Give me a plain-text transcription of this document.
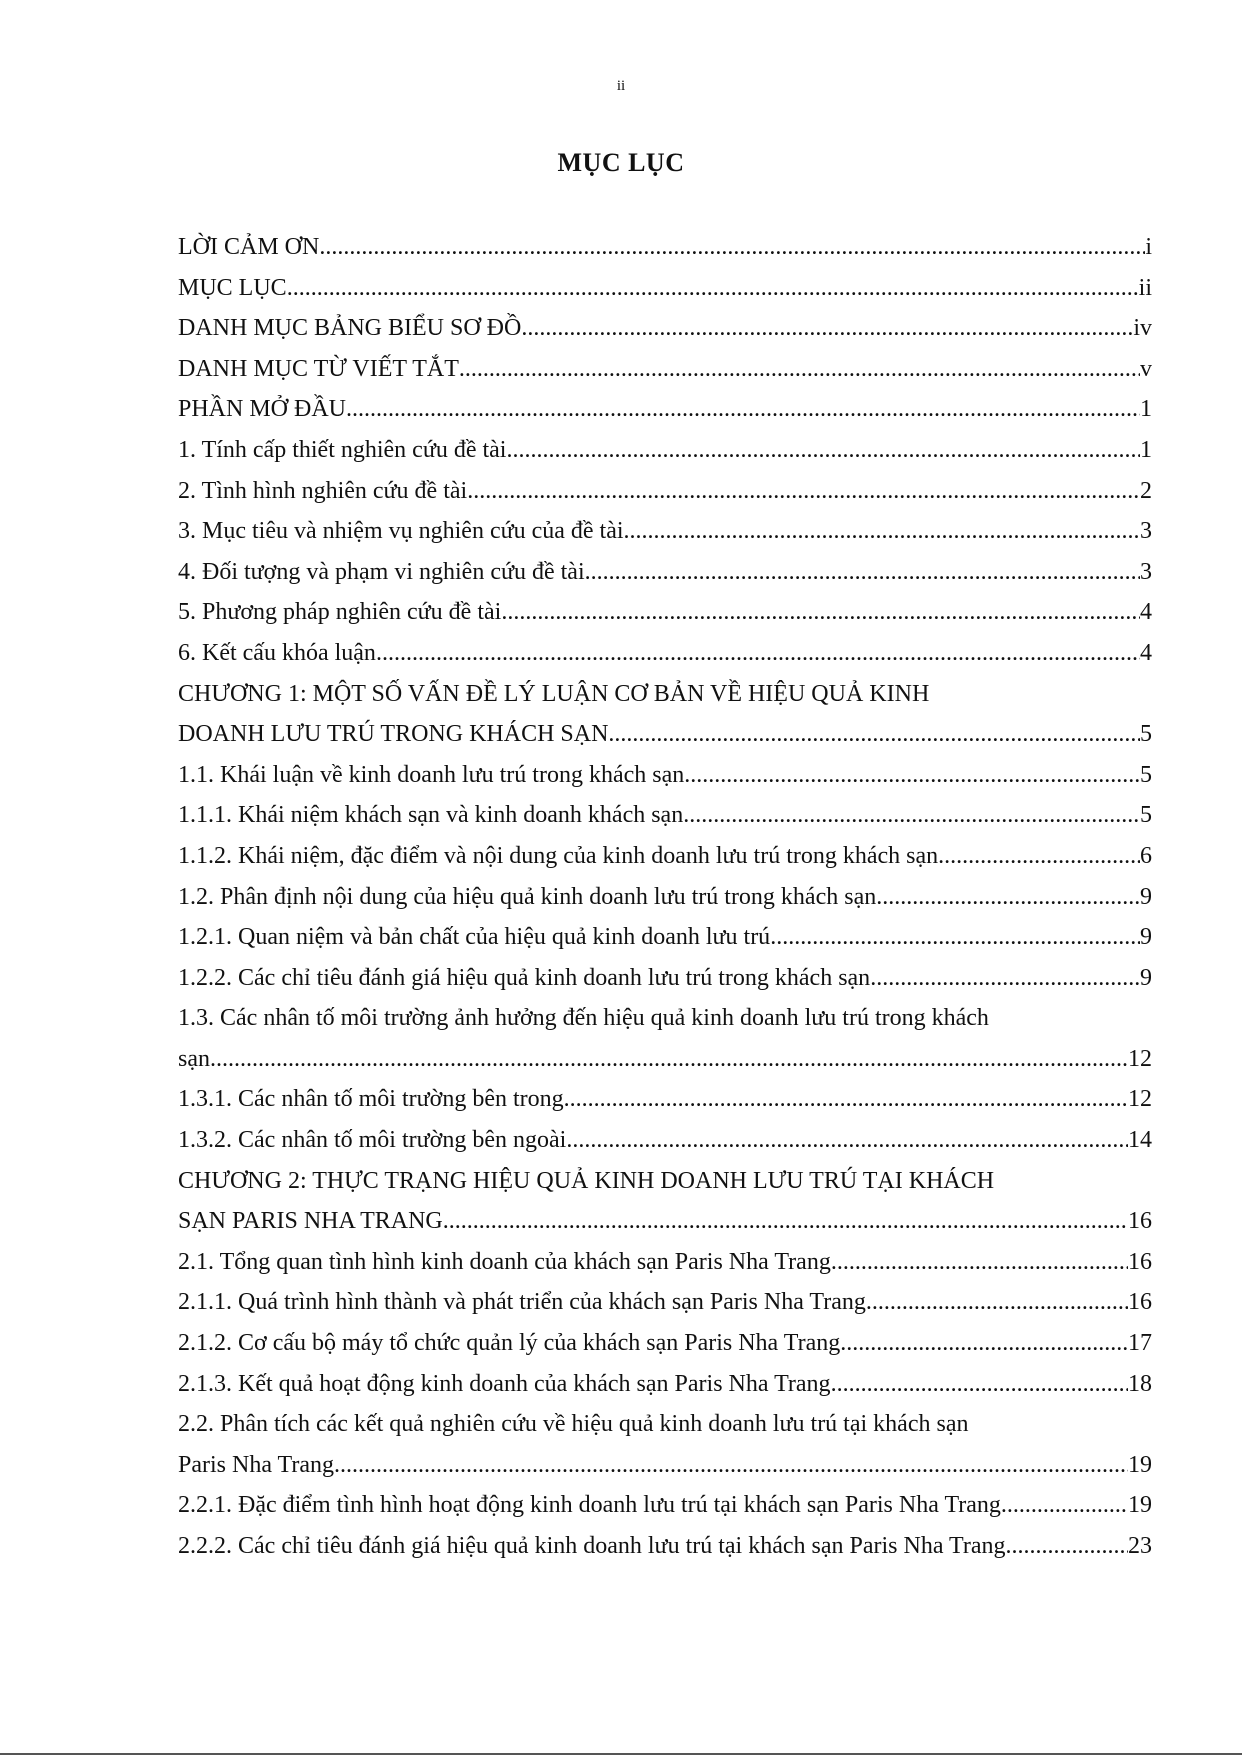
ii
MỤC LỤC
LỜI CẢM ƠN .....	i
MỤC LỤC .....	ii
DANH MỤC BẢNG BIỂU SƠ ĐỒ .....	iv
DANH MỤC TỪ VIẾT TẮT .....	v
PHẦN MỞ ĐẦU .....	1
1. Tính cấp thiết nghiên cứu đề tài .....	1
2. Tình hình nghiên cứu đề tài .....	2
3. Mục tiêu và nhiệm vụ nghiên cứu của đề tài .....	3
4. Đối tượng và phạm vi nghiên cứu đề tài .....	3
5. Phương pháp nghiên cứu đề tài .....	4
6. Kết cấu khóa luận .....	4
CHƯƠNG 1: MỘT SỐ VẤN ĐỀ LÝ LUẬN CƠ BẢN VỀ HIỆU QUẢ KINH
DOANH LƯU TRÚ TRONG KHÁCH SẠN .....	5
1.1. Khái luận về kinh doanh lưu trú trong khách sạn .....	5
1.1.1. Khái niệm khách sạn và kinh doanh khách sạn .....	5
1.1.2. Khái niệm, đặc điểm và nội dung của kinh doanh lưu trú trong khách sạn .....	6
1.2. Phân định nội dung của hiệu quả kinh doanh lưu trú trong khách sạn .....	9
1.2.1. Quan niệm và bản chất của hiệu quả kinh doanh lưu trú .....	9
1.2.2. Các chỉ tiêu đánh giá hiệu quả kinh doanh lưu trú trong khách sạn .....	9
1.3. Các nhân tố môi trường ảnh hưởng đến hiệu quả kinh doanh lưu trú trong khách
sạn .....	12
1.3.1. Các nhân tố môi trường bên trong .....	12
1.3.2. Các nhân tố môi trường bên ngoài .....	14
CHƯƠNG 2: THỰC TRẠNG HIỆU QUẢ KINH DOANH LƯU TRÚ TẠI KHÁCH
SẠN PARIS NHA TRANG .....	16
2.1. Tổng quan tình hình kinh doanh của khách sạn Paris Nha Trang .....	16
2.1.1. Quá trình hình thành và phát triển của khách sạn Paris Nha Trang .....	16
2.1.2. Cơ cấu bộ máy tổ chức quản lý của khách sạn Paris Nha Trang .....	17
2.1.3. Kết quả hoạt động kinh doanh của khách sạn Paris Nha Trang .....	18
2.2. Phân tích các kết quả nghiên cứu về hiệu quả kinh doanh lưu trú tại khách sạn
Paris Nha Trang .....	19
2.2.1. Đặc điểm tình hình hoạt động kinh doanh lưu trú tại khách sạn Paris Nha Trang .....	19
2.2.2. Các chỉ tiêu đánh giá hiệu quả kinh doanh lưu trú tại khách sạn Paris Nha Trang .....	23
